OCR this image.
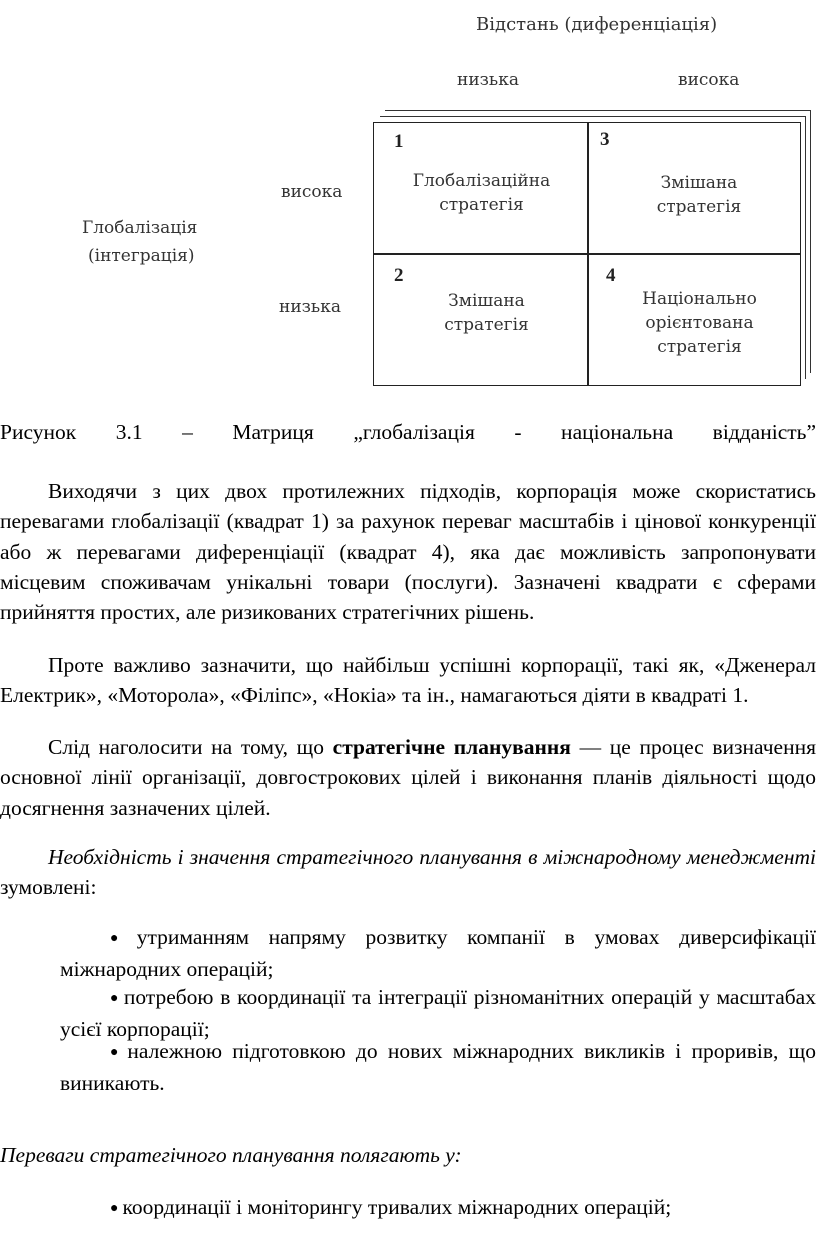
Відстань (диференціація)
низька	висока
Глобалізація
(інтеграція)
висока
низька
1
Глобалізаційна
стратегія
3
Змішана
стратегія
2
Змішана
стратегія
4
Національно
орієнтована
стратегія

Рисунок 3.1 – Матриця „глобалізація - національна відданість”

Виходячи з цих двох протилежних підходів, корпорація може скористатись перевагами глобалізації (квадрат 1) за рахунок переваг масштабів і цінової конкуренції або ж перевагами диференціації (квадрат 4), яка дає можливість запропонувати місцевим споживачам унікальні товари (послуги). Зазначені квадрати є сферами прийняття простих, але ризикованих стратегічних рішень.

Проте важливо зазначити, що найбільш успішні корпорації, такі як, «Дженерал Електрик», «Моторола», «Філіпс», «Нокіа» та ін., намагаються діяти в квадраті 1.

Слід наголосити на тому, що стратегічне планування — це процес визначення основної лінії організації, довгострокових цілей і виконання планів діяльності щодо досягнення зазначених цілей.

Необхідність і значення стратегічного планування в міжнародному менеджменті зумовлені:

● утриманням напряму розвитку компанії в умовах диверсифікації міжнародних операцій;

● потребою в координації та інтеграції різноманітних операцій у масштабах усієї корпорації;

● належною підготовкою до нових міжнародних викликів і проривів, що виникають.

Переваги стратегічного планування полягають у:

● координації і моніторингу тривалих міжнародних операцій;
